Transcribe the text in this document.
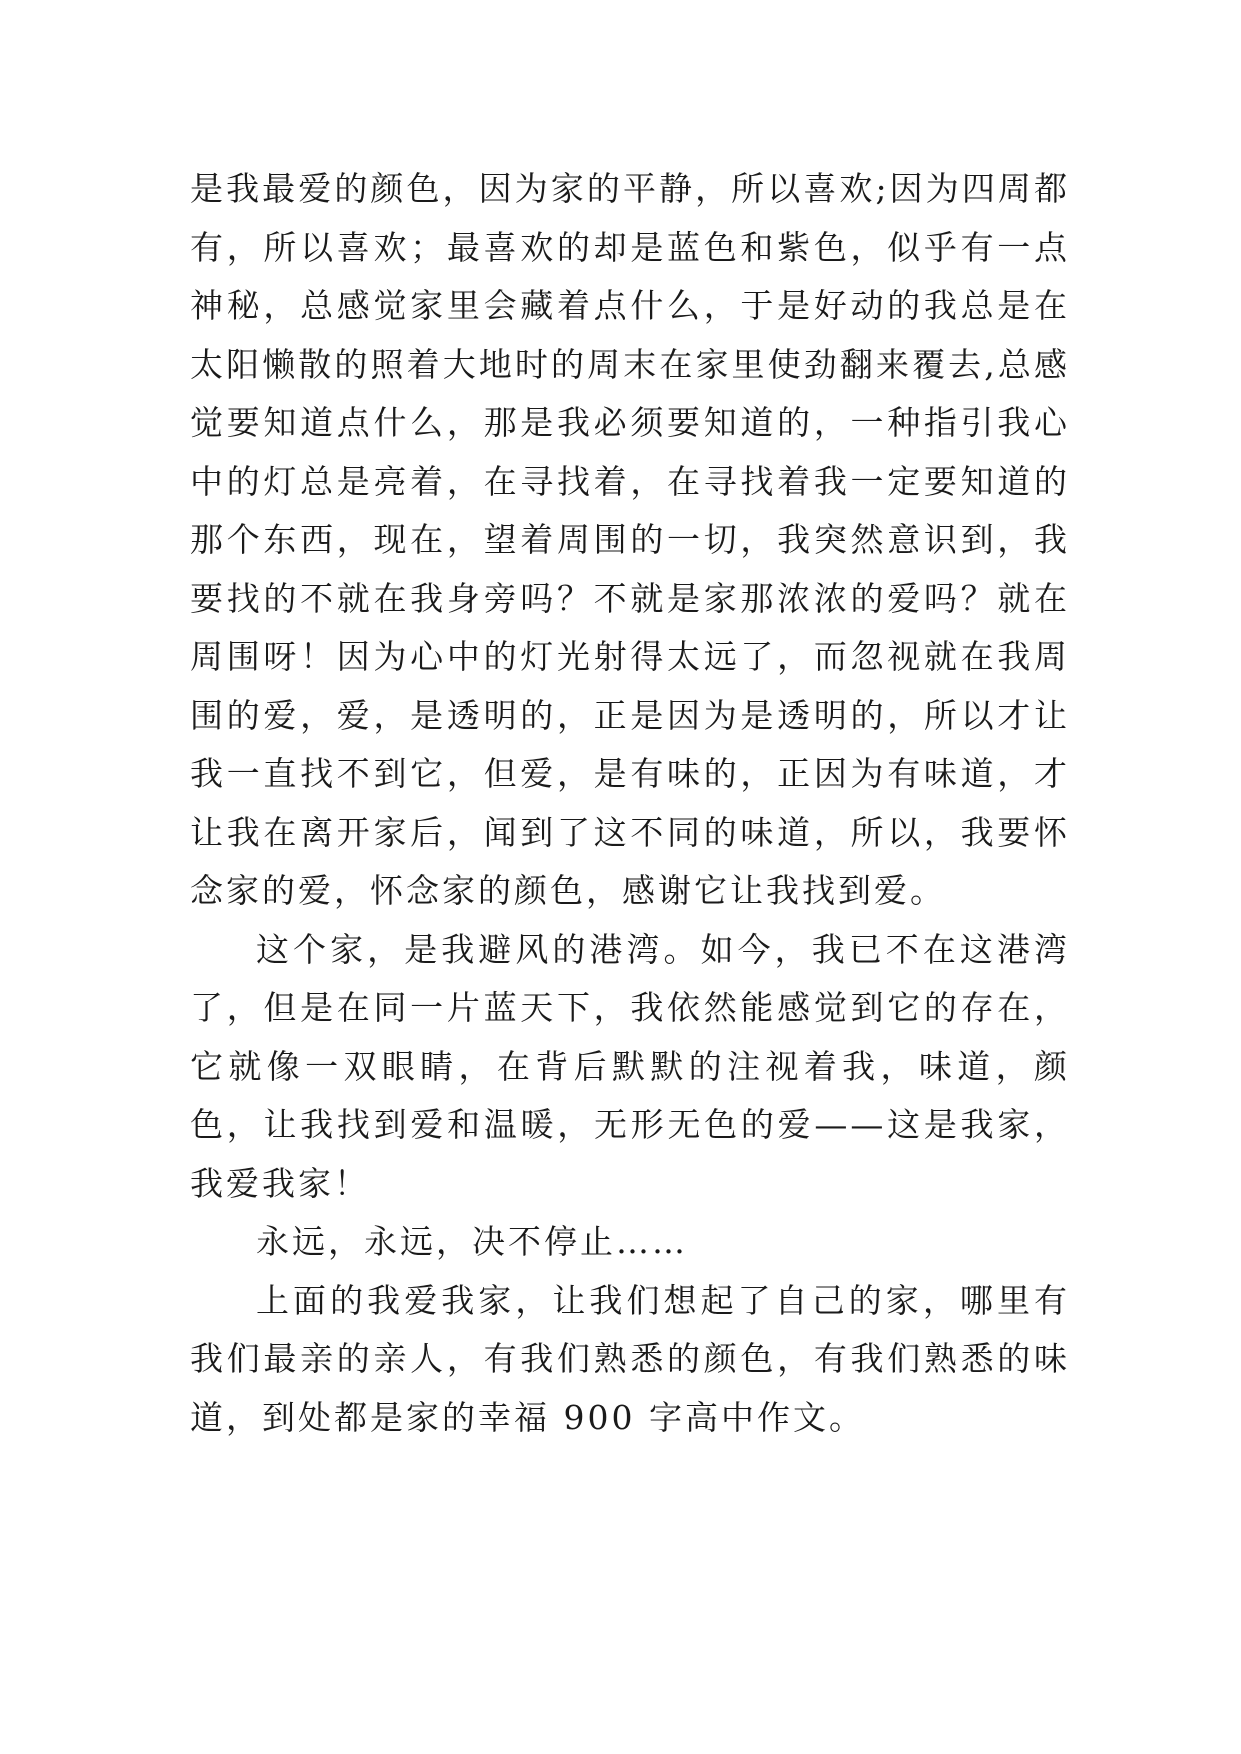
是我最爱的颜色，因为家的平静，所以喜欢;因为四周都有，所以喜欢；最喜欢的却是蓝色和紫色，似乎有一点神秘，总感觉家里会藏着点什么，于是好动的我总是在太阳懒散的照着大地时的周末在家里使劲翻来覆去,总感觉要知道点什么，那是我必须要知道的，一种指引我心中的灯总是亮着，在寻找着，在寻找着我一定要知道的那个东西，现在，望着周围的一切，我突然意识到，我要找的不就在我身旁吗？不就是家那浓浓的爱吗？就在周围呀！因为心中的灯光射得太远了，而忽视就在我周围的爱，爱，是透明的，正是因为是透明的，所以才让我一直找不到它，但爱，是有味的，正因为有味道，才让我在离开家后，闻到了这不同的味道，所以，我要怀念家的爱，怀念家的颜色，感谢它让我找到爱。

这个家，是我避风的港湾。如今，我已不在这港湾了，但是在同一片蓝天下，我依然能感觉到它的存在，它就像一双眼睛，在背后默默的注视着我，味道，颜色，让我找到爱和温暖，无形无色的爱——这是我家，我爱我家！

永远，永远，决不停止……

上面的我爱我家，让我们想起了自己的家，哪里有我们最亲的亲人，有我们熟悉的颜色，有我们熟悉的味道，到处都是家的幸福 900 字高中作文。
